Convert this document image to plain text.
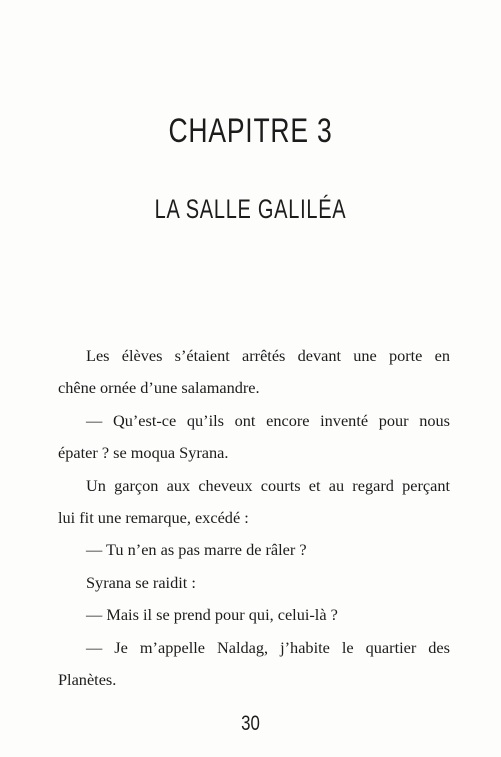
CHAPITRE 3
LA SALLE GALILÉA
Les élèves s’étaient arrêtés devant une porte en
chêne ornée d’une salamandre.
— Qu’est-ce qu’ils ont encore inventé pour nous
épater ? se moqua Syrana.
Un garçon aux cheveux courts et au regard perçant
lui fit une remarque, excédé :
— Tu n’en as pas marre de râler ?
Syrana se raidit :
— Mais il se prend pour qui, celui-là ?
— Je m’appelle Naldag, j’habite le quartier des
Planètes.
30
